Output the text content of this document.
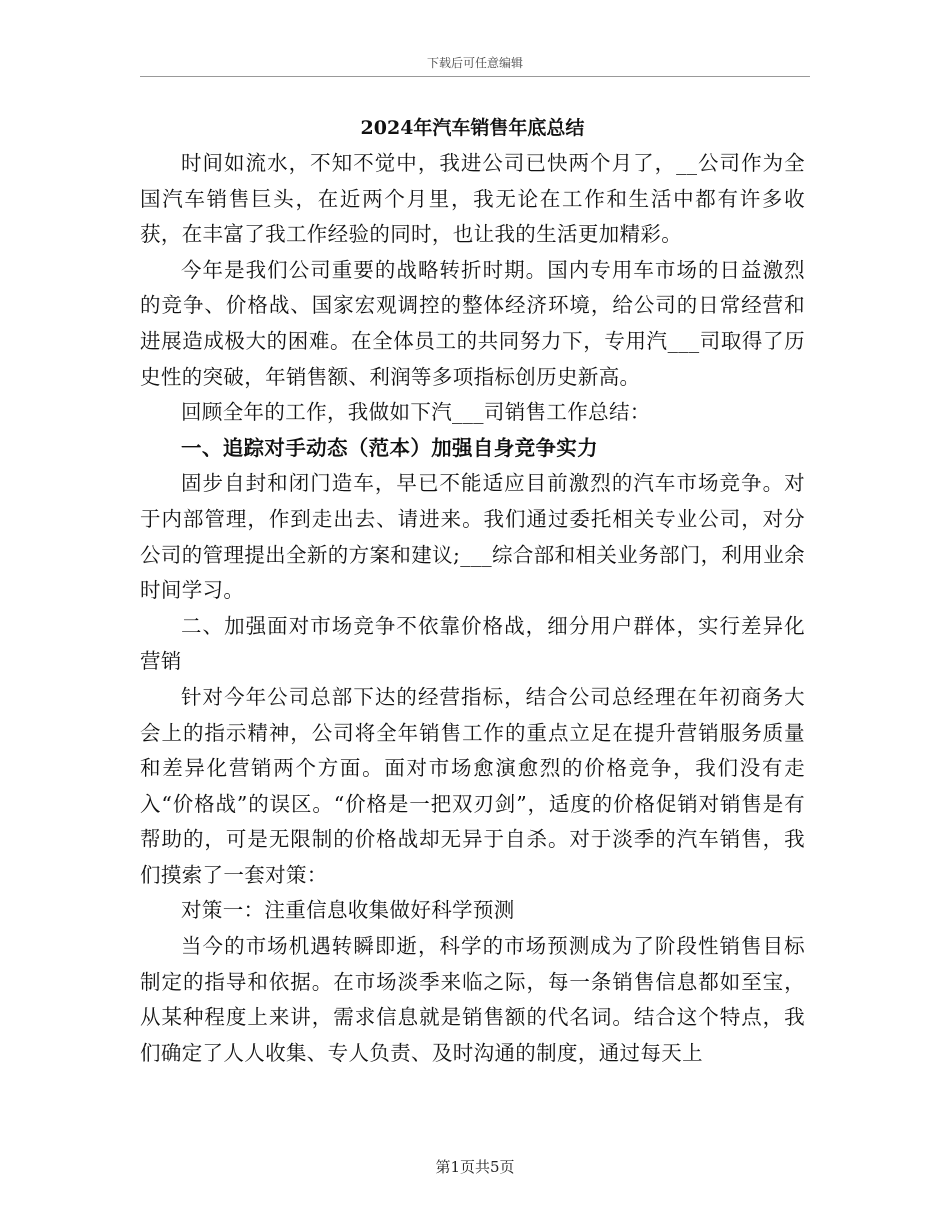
下载后可任意编辑
2024年汽车销售年底总结

时间如流水，不知不觉中，我进公司已快两个月了，__公司作为全国汽车销售巨头，在近两个月里，我无论在工作和生活中都有许多收获，在丰富了我工作经验的同时，也让我的生活更加精彩。

今年是我们公司重要的战略转折时期。国内专用车市场的日益激烈的竞争、价格战、国家宏观调控的整体经济环境，给公司的日常经营和进展造成极大的困难。在全体员工的共同努力下，专用汽___司取得了历史性的突破，年销售额、利润等多项指标创历史新高。

回顾全年的工作，我做如下汽___司销售工作总结：

一、追踪对手动态（范本）加强自身竞争实力

固步自封和闭门造车，早已不能适应目前激烈的汽车市场竞争。对于内部管理，作到走出去、请进来。我们通过委托相关专业公司，对分公司的管理提出全新的方案和建议;___综合部和相关业务部门，利用业余时间学习。

二、加强面对市场竞争不依靠价格战，细分用户群体，实行差异化营销

针对今年公司总部下达的经营指标，结合公司总经理在年初商务大会上的指示精神，公司将全年销售工作的重点立足在提升营销服务质量和差异化营销两个方面。面对市场愈演愈烈的价格竞争，我们没有走入“价格战”的误区。“价格是一把双刃剑”，适度的价格促销对销售是有帮助的，可是无限制的价格战却无异于自杀。对于淡季的汽车销售，我们摸索了一套对策：

对策一：注重信息收集做好科学预测

当今的市场机遇转瞬即逝，科学的市场预测成为了阶段性销售目标制定的指导和依据。在市场淡季来临之际，每一条销售信息都如至宝，从某种程度上来讲，需求信息就是销售额的代名词。结合这个特点，我们确定了人人收集、专人负责、及时沟通的制度，通过每天上

第1页共5页
